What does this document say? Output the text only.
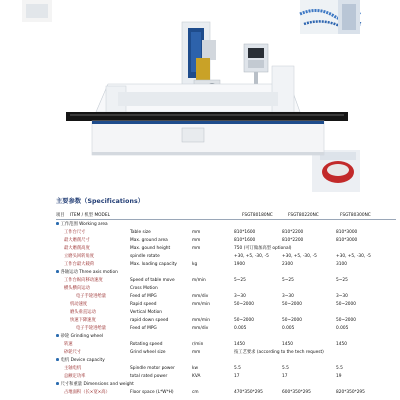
主要参数（Specifications）
项目 ITEM / 机型 MODEL	FSGT80180NC	FSGT80220NC	FSGT80300NC
工作范围 Working area
工作台尺寸	Table size	mm	810*1600	810*2200	810*3000
最大磨削尺寸	Max. ground area	mm	810*1600	810*2200	810*3000
最大磨削高度	Max. gound height	mm	750 (可订做加高型 optional)
立磨头回转角度	spindle rotate	+30, +5, -30, -5	+30, +5, -30, -5	+30, +5, -30, -5
工作台最大载荷	Max. loading capacity	kg	1900	2300	3100
各轴运动 Three axis motion
工作台纵向移动速度	Speed of table move	m/min	5~25	5~25	5~25
横头横向运动	Cross Motion
电子手轮进给量	Feed of MPG	mm/div	3~30	3~30	3~30
机动速度	Rapid speed	mm/min	50~2000	50~2000	50~2000
磨头垂直运动	Vertical Motion
快速下降速度	rapid down speed	mm/min	50~2000	50~2000	50~2000
电子手轮进给量	Feed of MPG	mm/div	0.005	0.005	0.005
砂轮 Grinding wheel
转速	Rotating speed	r/min	1450	1450	1450
砂轮尺寸	Grind wheel size	mm	按工艺要求 (according to the tech request)
电机 Device capacity
主轴电机	Spindle motor power	kw	5.5	5.5	5.5
总额定功率	total rated power	KVA	17	17	19
尺寸和重量 Dimensions and weight
占地面积（长×宽×高）	Floor space (L*W*H)	cm	470*350*295	600*350*295	820*350*295
